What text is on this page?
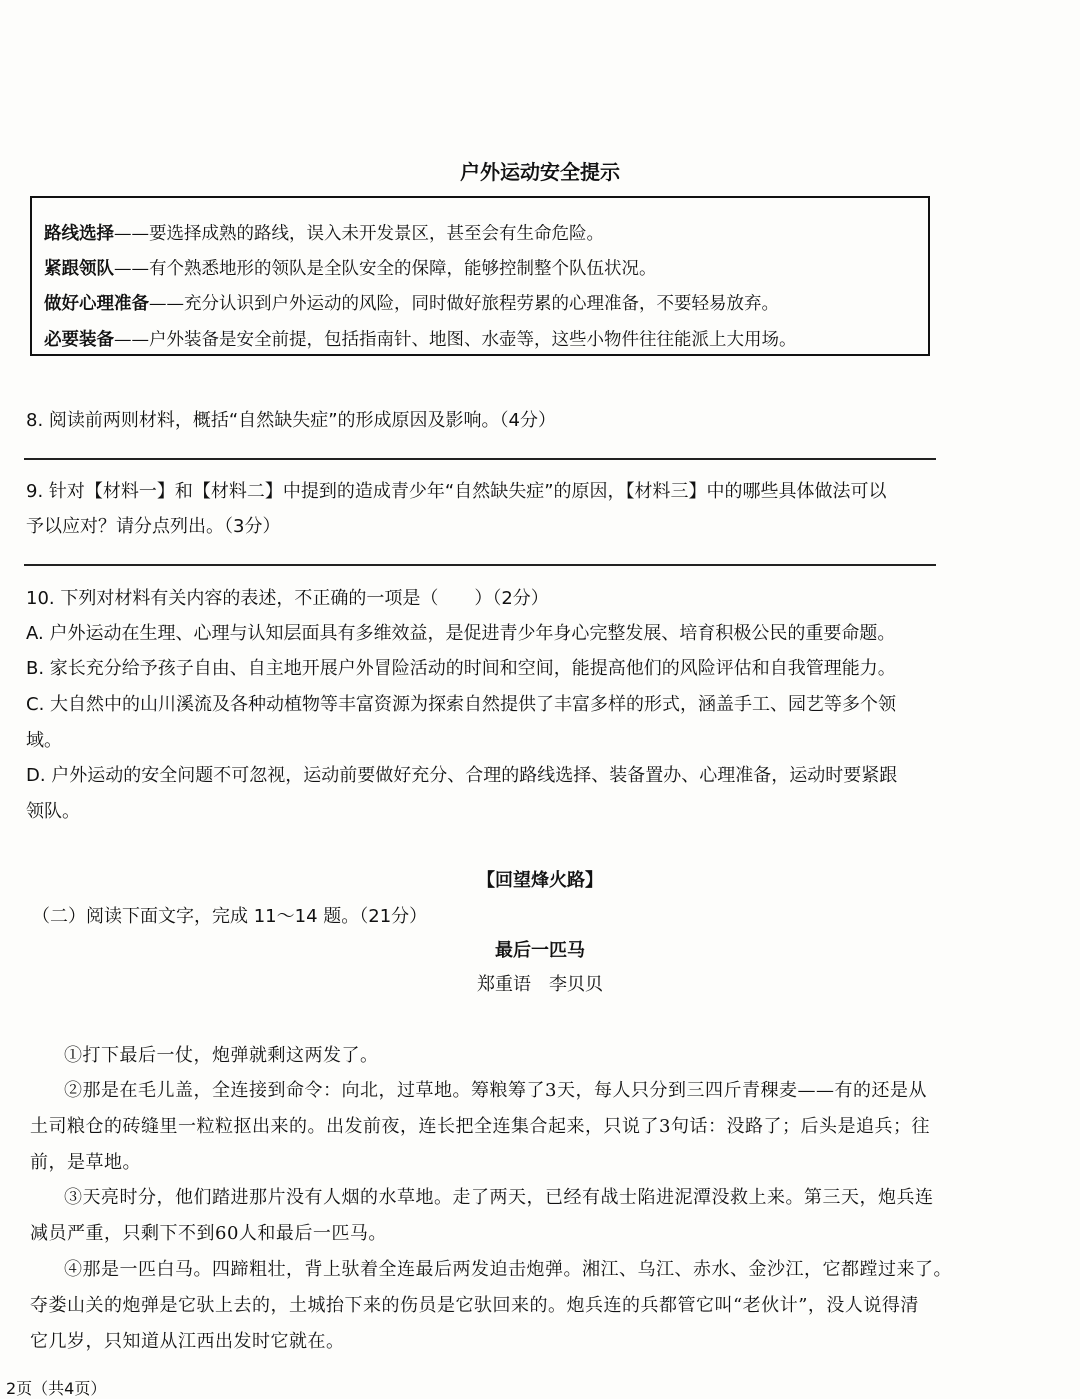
户外运动安全提示
路线选择——要选择成熟的路线，误入未开发景区，甚至会有生命危险。
紧跟领队——有个熟悉地形的领队是全队安全的保障，能够控制整个队伍状况。
做好心理准备——充分认识到户外运动的风险，同时做好旅程劳累的心理准备，不要轻易放弃。
必要装备——户外装备是安全前提，包括指南针、地图、水壶等，这些小物件往往能派上大用场。
8. 阅读前两则材料，概括“自然缺失症”的形成原因及影响。（4分）
9. 针对【材料一】和【材料二】中提到的造成青少年“自然缺失症”的原因，【材料三】中的哪些具体做法可以
予以应对？请分点列出。（3分）
10. 下列对材料有关内容的表述，不正确的一项是（　　）（2分）
A. 户外运动在生理、心理与认知层面具有多维效益，是促进青少年身心完整发展、培育积极公民的重要命题。
B. 家长充分给予孩子自由、自主地开展户外冒险活动的时间和空间，能提高他们的风险评估和自我管理能力。
C. 大自然中的山川溪流及各种动植物等丰富资源为探索自然提供了丰富多样的形式，涵盖手工、园艺等多个领
域。
D. 户外运动的安全问题不可忽视，运动前要做好充分、合理的路线选择、装备置办、心理准备，运动时要紧跟
领队。
【回望烽火路】
（二）阅读下面文字，完成 11～14 题。（21分）
最后一匹马
郑重语　李贝贝
①打下最后一仗，炮弹就剩这两发了。
②那是在毛儿盖，全连接到命令：向北，过草地。筹粮筹了3天，每人只分到三四斤青稞麦——有的还是从
土司粮仓的砖缝里一粒粒抠出来的。出发前夜，连长把全连集合起来，只说了3句话：没路了；后头是追兵；往
前，是草地。
③天亮时分，他们踏进那片没有人烟的水草地。走了两天，已经有战士陷进泥潭没救上来。第三天，炮兵连
减员严重，只剩下不到60人和最后一匹马。
④那是一匹白马。四蹄粗壮，背上驮着全连最后两发迫击炮弹。湘江、乌江、赤水、金沙江，它都蹚过来了。
夺娄山关的炮弹是它驮上去的，土城抬下来的伤员是它驮回来的。炮兵连的兵都管它叫“老伙计”，没人说得清
它几岁，只知道从江西出发时它就在。
2页（共4页）
